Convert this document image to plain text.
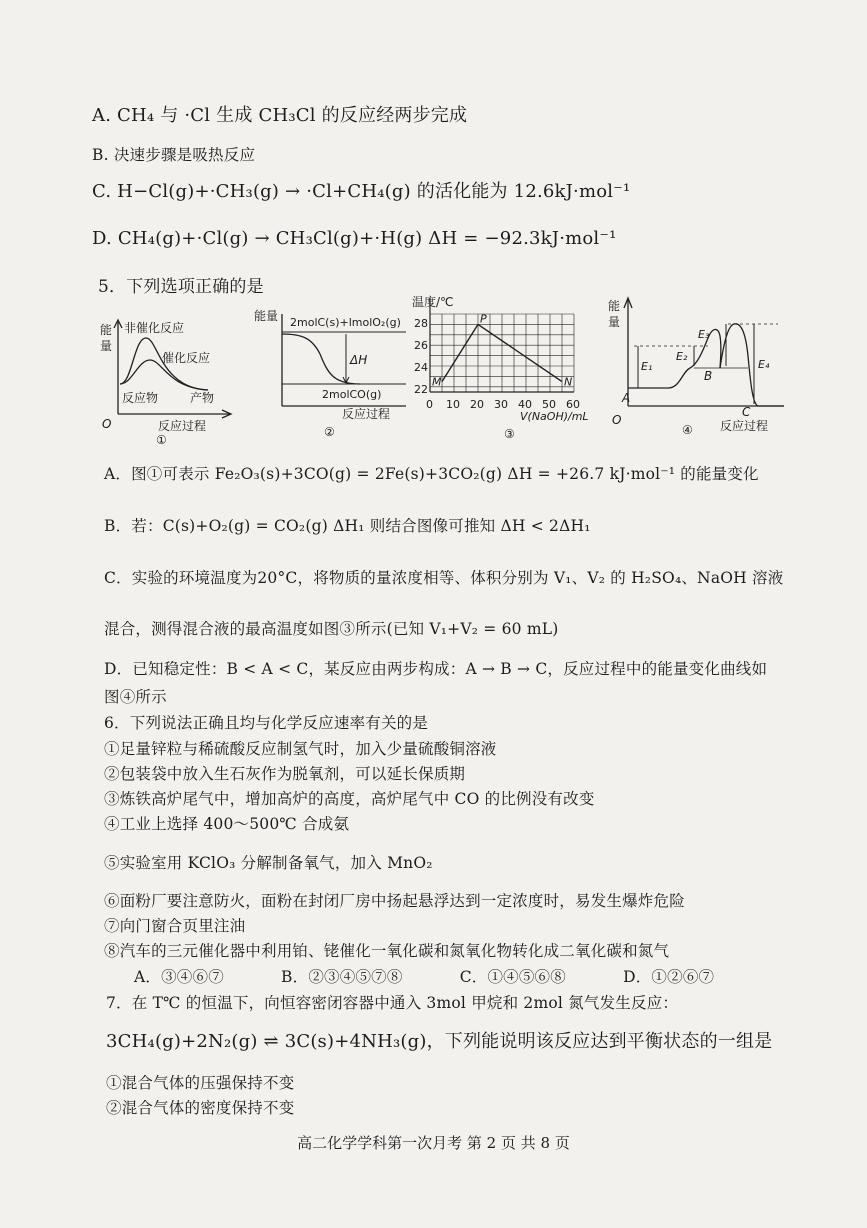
A. CH₄ 与 ·Cl 生成 CH₃Cl 的反应经两步完成
B. 决速步骤是吸热反应
C. H−Cl(g)+·CH₃(g) → ·Cl+CH₄(g) 的活化能为 12.6kJ·mol⁻¹
D. CH₄(g)+·Cl(g) → CH₃Cl(g)+·H(g) ΔH = −92.3kJ·mol⁻¹
5．下列选项正确的是
能
量
非催化反应
催化反应
反应物	产物
O	反应过程
①
能量 2molC(s)+lmolO₂(g)
ΔH
2molCO(g)
反应过程
②
M
P
N
温度/℃
28
26
24
22
0 10 20 30 40 50 60
V(NaOH)/mL
③
能
量
A
B
C
E₁
E₂
E₃
E₄
O	反应过程
④
A．图①可表示 Fe₂O₃(s)+3CO(g) = 2Fe(s)+3CO₂(g) ΔH = +26.7 kJ·mol⁻¹ 的能量变化
B．若：C(s)+O₂(g) = CO₂(g) ΔH₁ 则结合图像可推知 ΔH < 2ΔH₁
C．实验的环境温度为20°C，将物质的量浓度相等、体积分别为 V₁、V₂ 的 H₂SO₄、NaOH 溶液
混合，测得混合液的最高温度如图③所示(已知 V₁+V₂ = 60 mL)
D．已知稳定性：B < A < C，某反应由两步构成：A → B → C，反应过程中的能量变化曲线如
图④所示
6．下列说法正确且均与化学反应速率有关的是
①足量锌粒与稀硫酸反应制氢气时，加入少量硫酸铜溶液
②包装袋中放入生石灰作为脱氧剂，可以延长保质期
③炼铁高炉尾气中，增加高炉的高度，高炉尾气中 CO 的比例没有改变
④工业上选择 400～500℃ 合成氨
⑤实验室用 KClO₃ 分解制备氧气，加入 MnO₂
⑥面粉厂要注意防火，面粉在封闭厂房中扬起悬浮达到一定浓度时，易发生爆炸危险
⑦向门窗合页里注油
⑧汽车的三元催化器中利用铂、铑催化一氧化碳和氮氧化物转化成二氧化碳和氮气
A．③④⑥⑦	B．②③④⑤⑦⑧	C．①④⑤⑥⑧	D．①②⑥⑦
7．在 T℃ 的恒温下，向恒容密闭容器中通入 3mol 甲烷和 2mol 氮气发生反应：
3CH₄(g)+2N₂(g) ⇌ 3C(s)+4NH₃(g)，下列能说明该反应达到平衡状态的一组是
①混合气体的压强保持不变
②混合气体的密度保持不变
高二化学学科第一次月考 第 2 页 共 8 页
